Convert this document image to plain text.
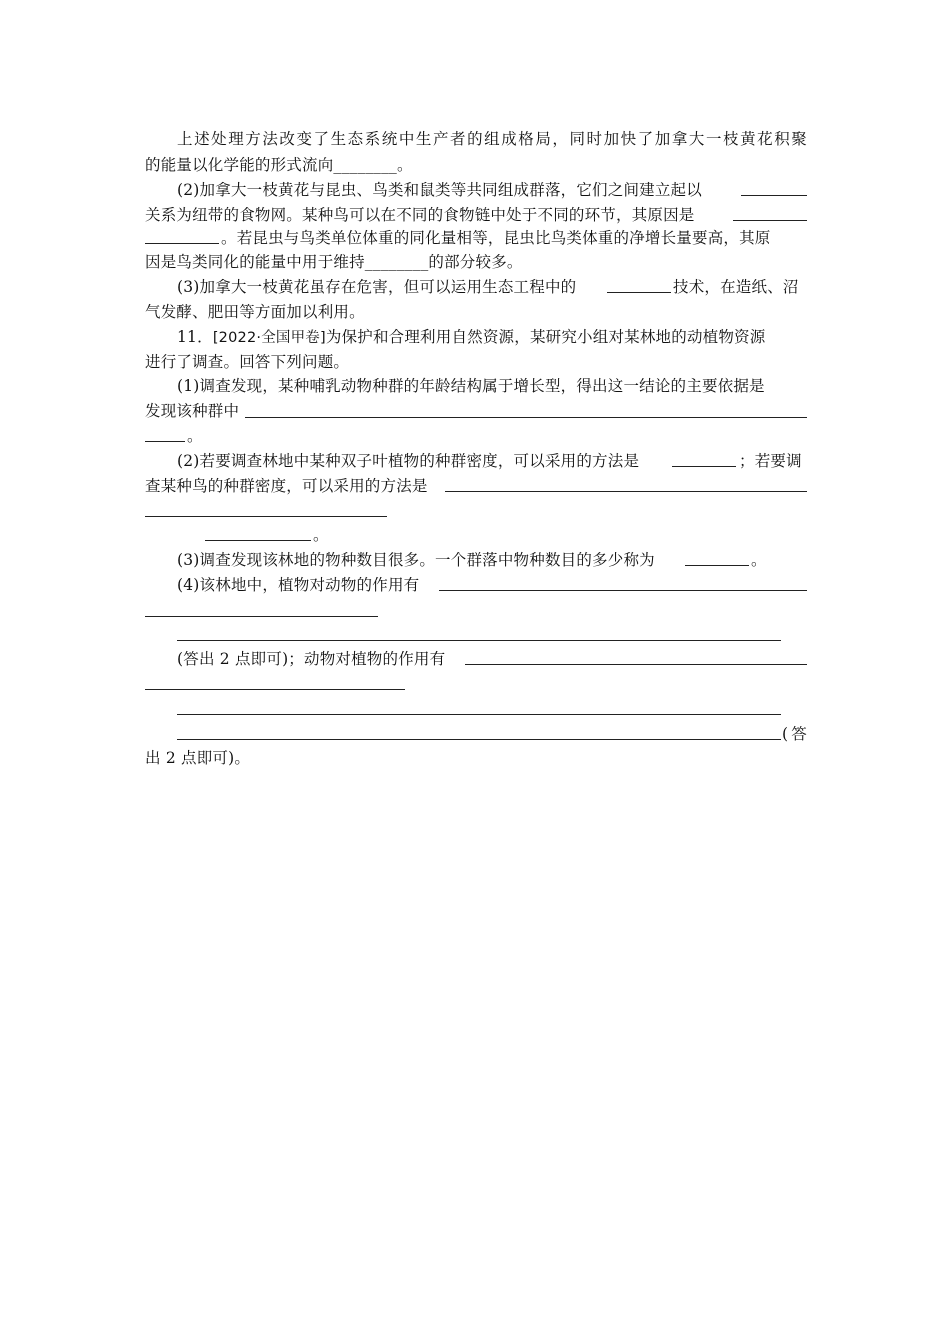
上述处理方法改变了生态系统中生产者的组成格局，同时加快了加拿大一枝黄花积聚
的能量以化学能的形式流向________。
(2)加拿大一枝黄花与昆虫、鸟类和鼠类等共同组成群落，它们之间建立起以
关系为纽带的食物网。某种鸟可以在不同的食物链中处于不同的环节，其原因是
。若昆虫与鸟类单位体重的同化量相等，昆虫比鸟类体重的净增长量要高，其原
因是鸟类同化的能量中用于维持________的部分较多。
(3)加拿大一枝黄花虽存在危害，但可以运用生态工程中的	技术，在造纸、沼
气发酵、肥田等方面加以利用。
11．[2022·全国甲卷]为保护和合理利用自然资源，某研究小组对某林地的动植物资源
进行了调查。回答下列问题。
(1)调查发现，某种哺乳动物种群的年龄结构属于增长型，得出这一结论的主要依据是
发现该种群中
。
(2)若要调查林地中某种双子叶植物的种群密度，可以采用的方法是	；若要调
查某种鸟的种群密度，可以采用的方法是
。
(3)调查发现该林地的物种数目很多。一个群落中物种数目的多少称为	。
(4)该林地中，植物对动物的作用有
(答出 2 点即可)；动物对植物的作用有
( 答
出 2 点即可)。
